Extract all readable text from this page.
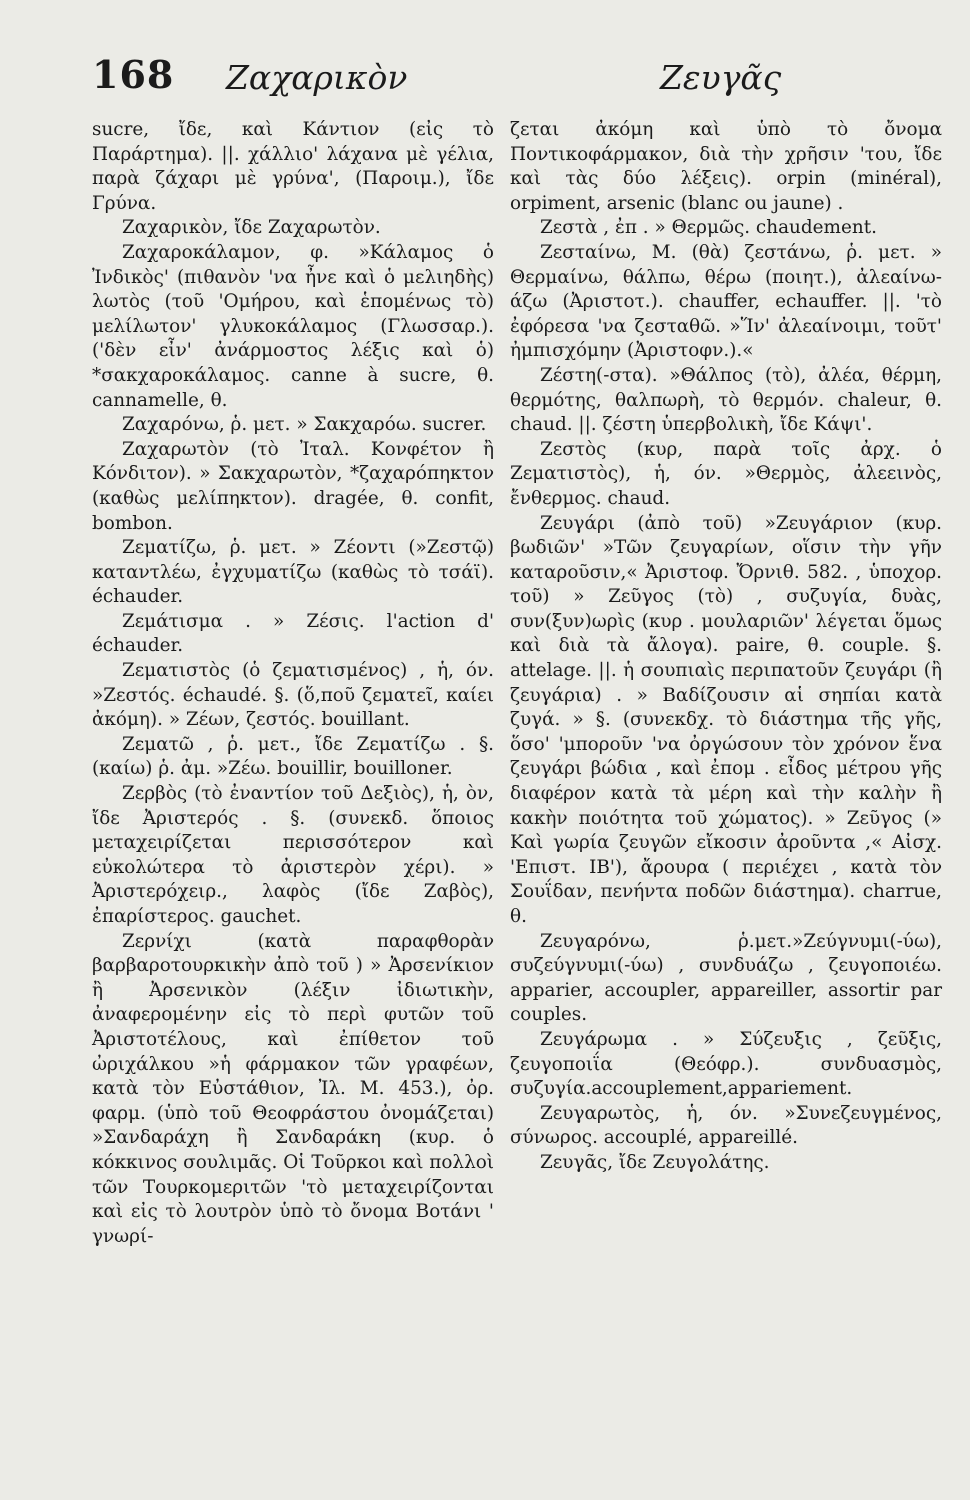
168 Ζαχαρικὸν	Ζευγᾶς

sucre, ἴδε, καὶ Κάντιον (εἰς τὸ Παράρτημα). ||. χάλλιο' λάχανα μὲ γέλια, παρὰ ζάχαρι μὲ γρύνα', (Παροιμ.), ἴδε Γρύνα.

Ζαχαρικὸν, ἴδε Ζαχαρωτὸν.

Ζαχαροκάλαμον, φ. »Κάλαμος ὁ Ἰνδικὸς' (πιθανὸν 'να ἦνε καὶ ὁ μελιηδὴς) λωτὸς (τοῦ 'Ομήρου, καὶ ἑπομένως τὸ) μελίλωτον' γλυκοκάλαμος (Γλωσσαρ.). ('δὲν εἶν' ἀνάρμοστος λέξις καὶ ὁ) *σακχαροκάλαμος. canne à sucre, θ. cannamelle, θ.

Ζαχαρόνω, ῥ. μετ. » Σακχαρόω. sucrer.

Ζαχαρωτὸν (τὸ Ἰταλ. Κονφέτον ἢ Κόνδιτον). » Σακχαρωτὸν, *ζαχαρόπηκτον (καθὼς μελίπηκτον). dragée, θ. confit, bombon.

Ζεματίζω, ῥ. μετ. » Ζέοντι (»Ζεστῷ) καταντλέω, ἐγχυματίζω (καθὼς τὸ τσάϊ). échauder.

Ζεμάτισμα . » Ζέσις. l'action d' échauder.

Ζεματιστὸς (ὁ ζεματισμένος) , ἡ, όν. »Ζεστός. échaudé. §. (ὅ,ποῦ ζεματεῖ, καίει ἀκόμη). » Ζέων, ζεστός. bouillant.

Ζεματῶ , ῥ. μετ., ἴδε Ζεματίζω . §. (καίω) ῥ. ἀμ. »Ζέω. bouillir, bouilloner.

Ζερβὸς (τὸ ἐναντίον τοῦ Δεξιὸς), ἡ, ὸν, ἴδε Ἀριστερός . §. (συνεκδ. ὅποιος μεταχειρίζεται περισσότερον καὶ εὐκολώτερα τὸ ἀριστερὸν χέρι). » Ἀριστερόχειρ., λαφὸς (ἴδε Ζαβὸς), ἐπαρίστερος. gauchet.

Ζερνίχι (κατὰ παραφθορὰν βαρβαροτουρκικὴν ἀπὸ τοῦ ) » Ἀρσενίκιον ἢ Ἀρσενικὸν (λέξιν ἰδιωτικὴν, ἀναφερομένην εἰς τὸ περὶ φυτῶν τοῦ Ἀριστοτέλους, καὶ ἐπίθετον τοῦ ὠριχάλκου »ἡ φάρμακον τῶν γραφέων, κατὰ τὸν Εὐστάθιον, Ἰλ. Μ. 453.), ὀρ. φαρμ. (ὑπὸ τοῦ Θεοφράστου ὀνομάζεται) »Σανδαράχη ἢ Σανδαράκη (κυρ. ὁ κόκκινος σουλιμᾶς. Οἱ Τοῦρκοι καὶ πολλοὶ τῶν Τουρκομεριτῶν 'τὸ μεταχειρίζονται καὶ εἰς τὸ λουτρὸν ὑπὸ τὸ ὄνομα Βοτάνι ' γνωρί-

ζεται ἀκόμη καὶ ὑπὸ τὸ ὄνομα Ποντικοφάρμακον, διὰ τὴν χρῆσιν 'του, ἴδε καὶ τὰς δύο λέξεις). orpin (minéral), orpiment, arsenic (blanc ou jaune) .

Ζεστὰ , ἐπ . » Θερμῶς. chaudement.

Ζεσταίνω, Μ. (θὰ) ζεστάνω, ῥ. μετ. » Θερμαίνω, θάλπω, θέρω (ποιητ.), ἀλεαίνω-άζω (Ἀριστοτ.). chauffer, echauffer. ||. 'τὸ ἐφόρεσα 'να ζεσταθῶ. »Ἵν' ἀλεαίνοιμι, τοῦτ' ἠμπισχόμην (Ἀριστοφν.).«

Ζέστη(-στα). »Θάλπος (τὸ), ἀλέα, θέρμη, θερμότης, θαλπωρὴ, τὸ θερμόν. chaleur, θ. chaud. ||. ζέστη ὑπερβολικὴ, ἴδε Κάψι'.

Ζεστὸς (κυρ, παρὰ τοῖς ἀρχ. ὁ Ζεματιστὸς), ἡ, όν. »Θερμὸς, ἀλεεινὸς, ἔνθερμος. chaud.

Ζευγάρι (ἀπὸ τοῦ) »Ζευγάριον (κυρ. βωδιῶν' »Τῶν ζευγαρίων, οἵσιν τὴν γῆν καταροῦσιν,« Ἀριστοφ. Ὄρνιθ. 582. , ὑποχορ. τοῦ) » Ζεῦγος (τὸ) , συζυγία, δυὰς, συν(ξυν)ωρὶς (κυρ . μουλαριῶν' λέγεται ὅμως καὶ διὰ τὰ ἄλογα). paire, θ. couple. §. attelage. ||. ἡ σουπιαὶς περιπατοῦν ζευγάρι (ἢ ζευγάρια) . » Βαδίζουσιν αἱ σηπίαι κατὰ ζυγά. » §. (συνεκδχ. τὸ διάστημα τῆς γῆς, ὅσο' 'μποροῦν 'να ὀργώσουν τὸν χρόνον ἕνα ζευγάρι βώδια , καὶ ἐπομ . εἶδος μέτρου γῆς διαφέρον κατὰ τὰ μέρη καὶ τὴν καλὴν ἢ κακὴν ποιότητα τοῦ χώματος). » Ζεῦγος (» Καὶ γωρία ζευγῶν εἴκοσιν ἀροῦντα ,« Αἰσχ. 'Επιστ. ΙΒ'), ἄρουρα ( περιέχει , κατὰ τὸν Σουΐδαν, πενήντα ποδῶν διάστημα). charrue, θ.

Ζευγαρόνω, ῥ.μετ.»Ζεύγνυμι(-ύω), συζεύγνυμι(-ύω) , συνδυάζω , ζευγοποιέω. apparier, accoupler, appareiller, assortir par couples.

Ζευγάρωμα . » Σύζευξις , ζεῦξις, ζευγοποιΐα (Θεόφρ.). συνδυασμὸς, συζυγία.accouplement,appariement.

Ζευγαρωτὸς, ἡ, όν. »Συνεζευγμένος, σύνωρος. accouplé, appareillé.

Ζευγᾶς, ἴδε Ζευγολάτης.
